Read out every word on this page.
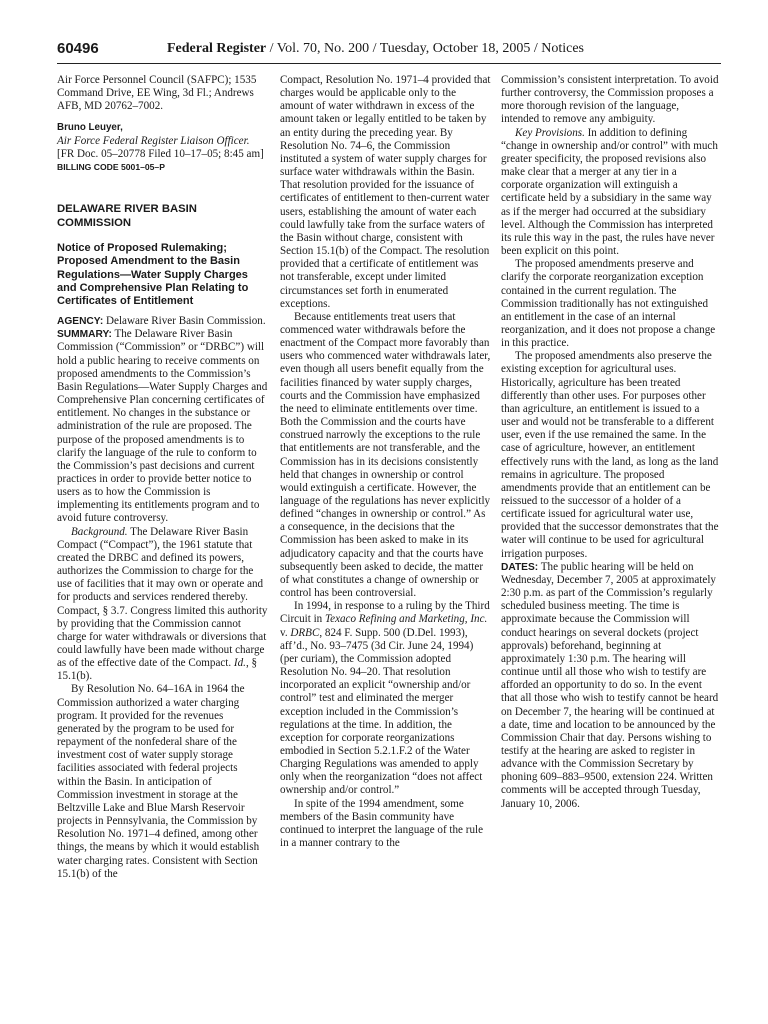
60496	Federal Register / Vol. 70, No. 200 / Tuesday, October 18, 2005 / Notices

Air Force Personnel Council (SAFPC); 1535 Command Drive, EE Wing, 3d Fl.; Andrews AFB, MD 20762–7002.

Bruno Leuyer,

Air Force Federal Register Liaison Officer.

[FR Doc. 05–20778 Filed 10–17–05; 8:45 am]

BILLING CODE 5001–05–P

DELAWARE RIVER BASIN COMMISSION

Notice of Proposed Rulemaking; Proposed Amendment to the Basin Regulations—Water Supply Charges and Comprehensive Plan Relating to Certificates of Entitlement

AGENCY: Delaware River Basin Commission.

SUMMARY: The Delaware River Basin Commission (“Commission” or “DRBC”) will hold a public hearing to receive comments on proposed amendments to the Commission’s Basin Regulations—Water Supply Charges and Comprehensive Plan concerning certificates of entitlement. No changes in the substance or administration of the rule are proposed. The purpose of the proposed amendments is to clarify the language of the rule to conform to the Commission’s past decisions and current practices in order to provide better notice to users as to how the Commission is implementing its entitlements program and to avoid future controversy.

Background. The Delaware River Basin Compact (“Compact”), the 1961 statute that created the DRBC and defined its powers, authorizes the Commission to charge for the use of facilities that it may own or operate and for products and services rendered thereby. Compact, § 3.7. Congress limited this authority by providing that the Commission cannot charge for water withdrawals or diversions that could lawfully have been made without charge as of the effective date of the Compact. Id., § 15.1(b).

By Resolution No. 64–16A in 1964 the Commission authorized a water charging program. It provided for the revenues generated by the program to be used for repayment of the nonfederal share of the investment cost of water supply storage facilities associated with federal projects within the Basin. In anticipation of Commission investment in storage at the Beltzville Lake and Blue Marsh Reservoir projects in Pennsylvania, the Commission by Resolution No. 1971–4 defined, among other things, the means by which it would establish water charging rates. Consistent with Section 15.1(b) of the

Compact, Resolution No. 1971–4 provided that charges would be applicable only to the amount of water withdrawn in excess of the amount taken or legally entitled to be taken by an entity during the preceding year. By Resolution No. 74–6, the Commission instituted a system of water supply charges for surface water withdrawals within the Basin. That resolution provided for the issuance of certificates of entitlement to then-current water users, establishing the amount of water each could lawfully take from the surface waters of the Basin without charge, consistent with Section 15.1(b) of the Compact. The resolution provided that a certificate of entitlement was not transferable, except under limited circumstances set forth in enumerated exceptions.

Because entitlements treat users that commenced water withdrawals before the enactment of the Compact more favorably than users who commenced water withdrawals later, even though all users benefit equally from the facilities financed by water supply charges, courts and the Commission have emphasized the need to eliminate entitlements over time. Both the Commission and the courts have construed narrowly the exceptions to the rule that entitlements are not transferable, and the Commission has in its decisions consistently held that changes in ownership or control would extinguish a certificate. However, the language of the regulations has never explicitly defined “changes in ownership or control.” As a consequence, in the decisions that the Commission has been asked to make in its adjudicatory capacity and that the courts have subsequently been asked to decide, the matter of what constitutes a change of ownership or control has been controversial.

In 1994, in response to a ruling by the Third Circuit in Texaco Refining and Marketing, Inc. v. DRBC, 824 F. Supp. 500 (D.Del. 1993), aff’d., No. 93–7475 (3d Cir. June 24, 1994) (per curiam), the Commission adopted Resolution No. 94–20. That resolution incorporated an explicit “ownership and/or control” test and eliminated the merger exception included in the Commission’s regulations at the time. In addition, the exception for corporate reorganizations embodied in Section 5.2.1.F.2 of the Water Charging Regulations was amended to apply only when the reorganization “does not affect ownership and/or control.”

In spite of the 1994 amendment, some members of the Basin community have continued to interpret the language of the rule in a manner contrary to the

Commission’s consistent interpretation. To avoid further controversy, the Commission proposes a more thorough revision of the language, intended to remove any ambiguity.

Key Provisions. In addition to defining “change in ownership and/or control” with much greater specificity, the proposed revisions also make clear that a merger at any tier in a corporate organization will extinguish a certificate held by a subsidiary in the same way as if the merger had occurred at the subsidiary level. Although the Commission has interpreted its rule this way in the past, the rules have never been explicit on this point.

The proposed amendments preserve and clarify the corporate reorganization exception contained in the current regulation. The Commission traditionally has not extinguished an entitlement in the case of an internal reorganization, and it does not propose a change in this practice.

The proposed amendments also preserve the existing exception for agricultural uses. Historically, agriculture has been treated differently than other uses. For purposes other than agriculture, an entitlement is issued to a user and would not be transferable to a different user, even if the use remained the same. In the case of agriculture, however, an entitlement effectively runs with the land, as long as the land remains in agriculture. The proposed amendments provide that an entitlement can be reissued to the successor of a holder of a certificate issued for agricultural water use, provided that the successor demonstrates that the water will continue to be used for agricultural irrigation purposes.

DATES: The public hearing will be held on Wednesday, December 7, 2005 at approximately 2:30 p.m. as part of the Commission’s regularly scheduled business meeting. The time is approximate because the Commission will conduct hearings on several dockets (project approvals) beforehand, beginning at approximately 1:30 p.m. The hearing will continue until all those who wish to testify are afforded an opportunity to do so. In the event that all those who wish to testify cannot be heard on December 7, the hearing will be continued at a date, time and location to be announced by the Commission Chair that day. Persons wishing to testify at the hearing are asked to register in advance with the Commission Secretary by phoning 609–883–9500, extension 224. Written comments will be accepted through Tuesday, January 10, 2006.
